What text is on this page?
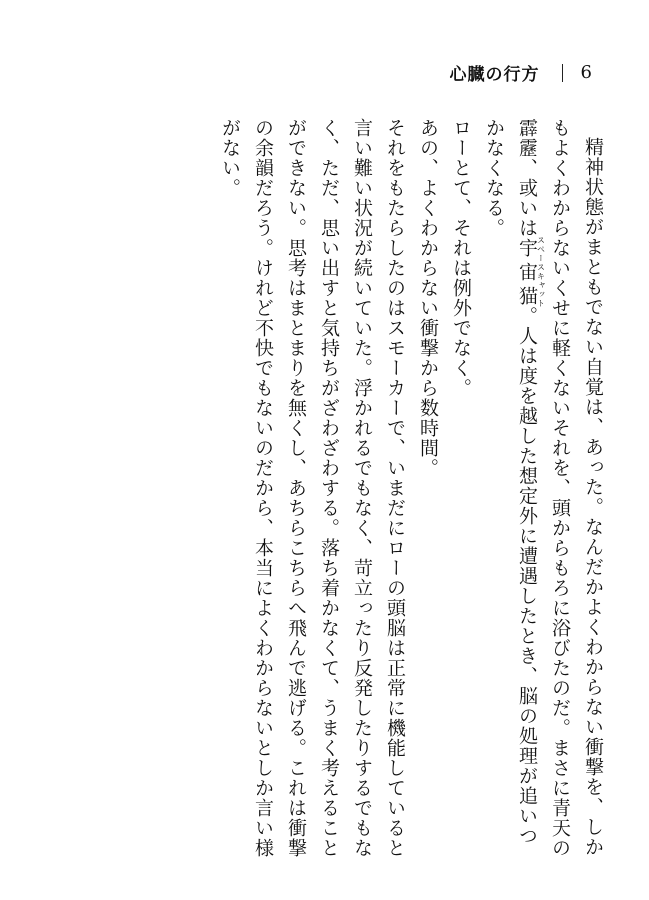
心臓の行方 6

精神状態がまともでない自覚は、あった。なんだかよくわからない衝撃を、しかもよくわからないくせに軽くないそれを、頭からもろに浴びたのだ。まさに青天の霹靂、或いは宇宙猫スペースキャット。人は度を越した想定外に遭遇したとき、脳の処理が追いつかなくなる。

ローとて、それは例外でなく。

あの、よくわからない衝撃から数時間。

それをもたらしたのはスモーカーで、いまだにローの頭脳は正常に機能していると言い難い状況が続いていた。浮かれるでもなく、苛立ったり反発したりするでもなく、ただ、思い出すと気持ちがざわざわする。落ち着かなくて、うまく考えることができない。思考はまとまりを無くし、あちらこちらへ飛んで逃げる。これは衝撃の余韻だろう。けれど不快でもないのだから、本当によくわからないとしか言い様がない。
